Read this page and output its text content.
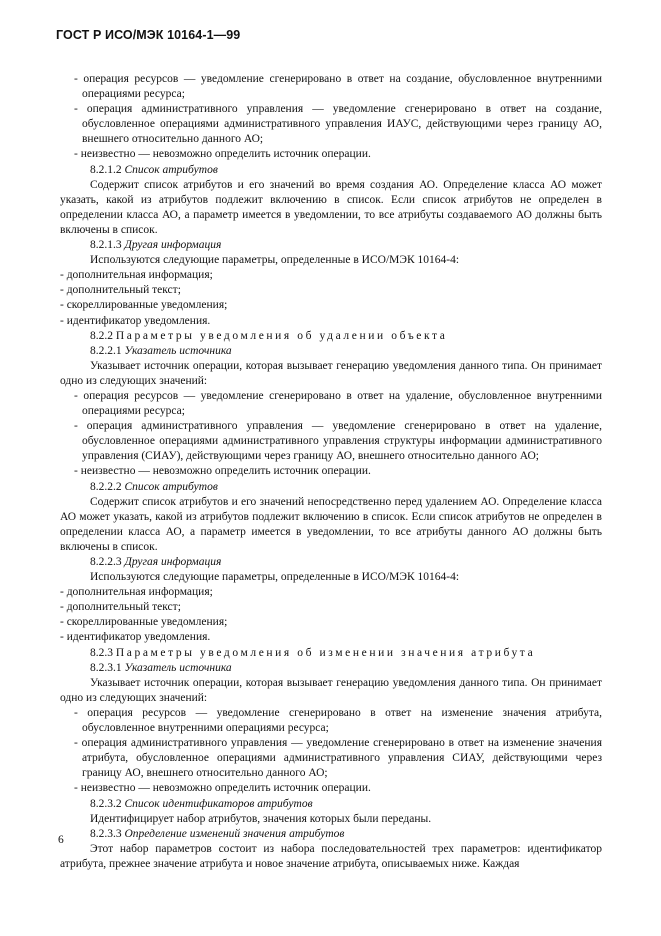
ГОСТ Р ИСО/МЭК 10164-1—99

- операция ресурсов — уведомление сгенерировано в ответ на создание, обусловленное внутренними операциями ресурса;

- операция административного управления — уведомление сгенерировано в ответ на создание, обусловленное операциями административного управления ИАУС, действующими через границу АО, внешнего относительно данного АО;

- неизвестно — невозможно определить источник операции.

8.2.1.2 Список атрибутов

Содержит список атрибутов и его значений во время создания АО. Определение класса АО может указать, какой из атрибутов подлежит включению в список. Если список атрибутов не определен в определении класса АО, а параметр имеется в уведомлении, то все атрибуты создаваемого АО должны быть включены в список.

8.2.1.3 Другая информация

Используются следующие параметры, определенные в ИСО/МЭК 10164-4:

- дополнительная информация;

- дополнительный текст;

- скореллированные уведомления;

- идентификатор уведомления.

8.2.2 Параметры уведомления об удалении объекта

8.2.2.1 Указатель источника

Указывает источник операции, которая вызывает генерацию уведомления данного типа. Он принимает одно из следующих значений:

- операция ресурсов — уведомление сгенерировано в ответ на удаление, обусловленное внутренними операциями ресурса;

- операция административного управления — уведомление сгенерировано в ответ на удаление, обусловленное операциями административного управления структуры информации административного управления (СИАУ), действующими через границу АО, внешнего относительно данного АО;

- неизвестно — невозможно определить источник операции.

8.2.2.2 Список атрибутов

Содержит список атрибутов и его значений непосредственно перед удалением АО. Определение класса АО может указать, какой из атрибутов подлежит включению в список. Если список атрибутов не определен в определении класса АО, а параметр имеется в уведомлении, то все атрибуты данного АО должны быть включены в список.

8.2.2.3 Другая информация

Используются следующие параметры, определенные в ИСО/МЭК 10164-4:

- дополнительная информация;

- дополнительный текст;

- скореллированные уведомления;

- идентификатор уведомления.

8.2.3 Параметры уведомления об изменении значения атрибута

8.2.3.1 Указатель источника

Указывает источник операции, которая вызывает генерацию уведомления данного типа. Он принимает одно из следующих значений:

- операция ресурсов — уведомление сгенерировано в ответ на изменение значения атрибута, обусловленное внутренними операциями ресурса;

- операция административного управления — уведомление сгенерировано в ответ на изменение значения атрибута, обусловленное операциями административного управления СИАУ, действующими через границу АО, внешнего относительно данного АО;

- неизвестно — невозможно определить источник операции.

8.2.3.2 Список идентификаторов атрибутов

Идентифицирует набор атрибутов, значения которых были переданы.

8.2.3.3 Определение изменений значения атрибутов

Этот набор параметров состоит из набора последовательностей трех параметров: идентификатор атрибута, прежнее значение атрибута и новое значение атрибута, описываемых ниже. Каждая

6
